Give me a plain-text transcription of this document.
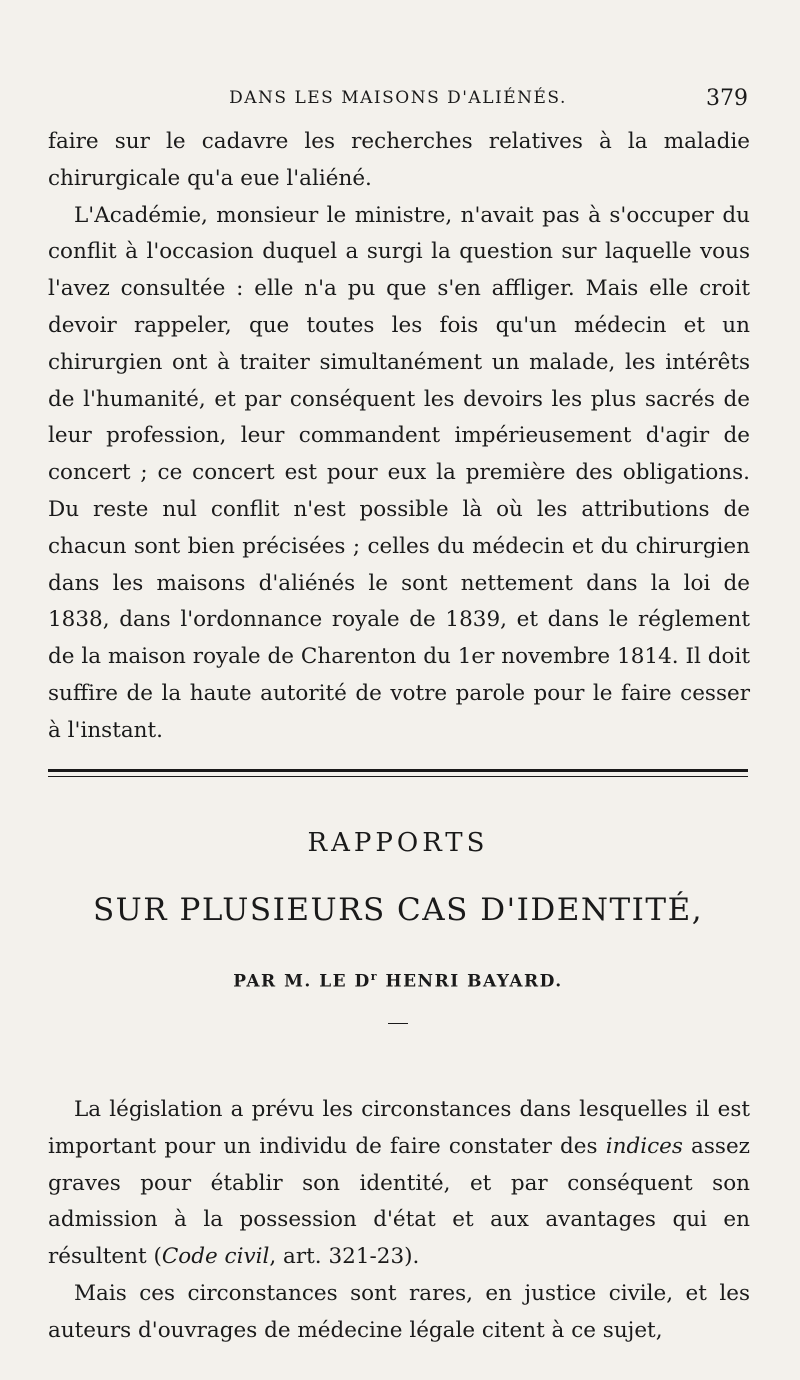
DANS LES MAISONS D'ALIÉNÉS.	379

faire sur le cadavre les recherches relatives à la maladie chirurgicale qu'a eue l'aliéné.

L'Académie, monsieur le ministre, n'avait pas à s'occuper du conflit à l'occasion duquel a surgi la question sur laquelle vous l'avez consultée : elle n'a pu que s'en affliger. Mais elle croit devoir rappeler, que toutes les fois qu'un médecin et un chirurgien ont à traiter simultanément un malade, les intérêts de l'humanité, et par conséquent les devoirs les plus sacrés de leur profession, leur commandent impérieusement d'agir de concert ; ce concert est pour eux la première des obligations. Du reste nul conflit n'est possible là où les attributions de chacun sont bien précisées ; celles du médecin et du chirurgien dans les maisons d'aliénés le sont nettement dans la loi de 1838, dans l'ordonnance royale de 1839, et dans le réglement de la maison royale de Charenton du 1er novembre 1814. Il doit suffire de la haute autorité de votre parole pour le faire cesser à l'instant.

RAPPORTS
SUR PLUSIEURS CAS D'IDENTITÉ,
PAR M. LE $D^r$ HENRI BAYARD.

La législation a prévu les circonstances dans lesquelles il est important pour un individu de faire constater des indices assez graves pour établir son identité, et par conséquent son admission à la possession d'état et aux avantages qui en résultent (Code civil, art. 321-23).

Mais ces circonstances sont rares, en justice civile, et les auteurs d'ouvrages de médecine légale citent à ce sujet,
